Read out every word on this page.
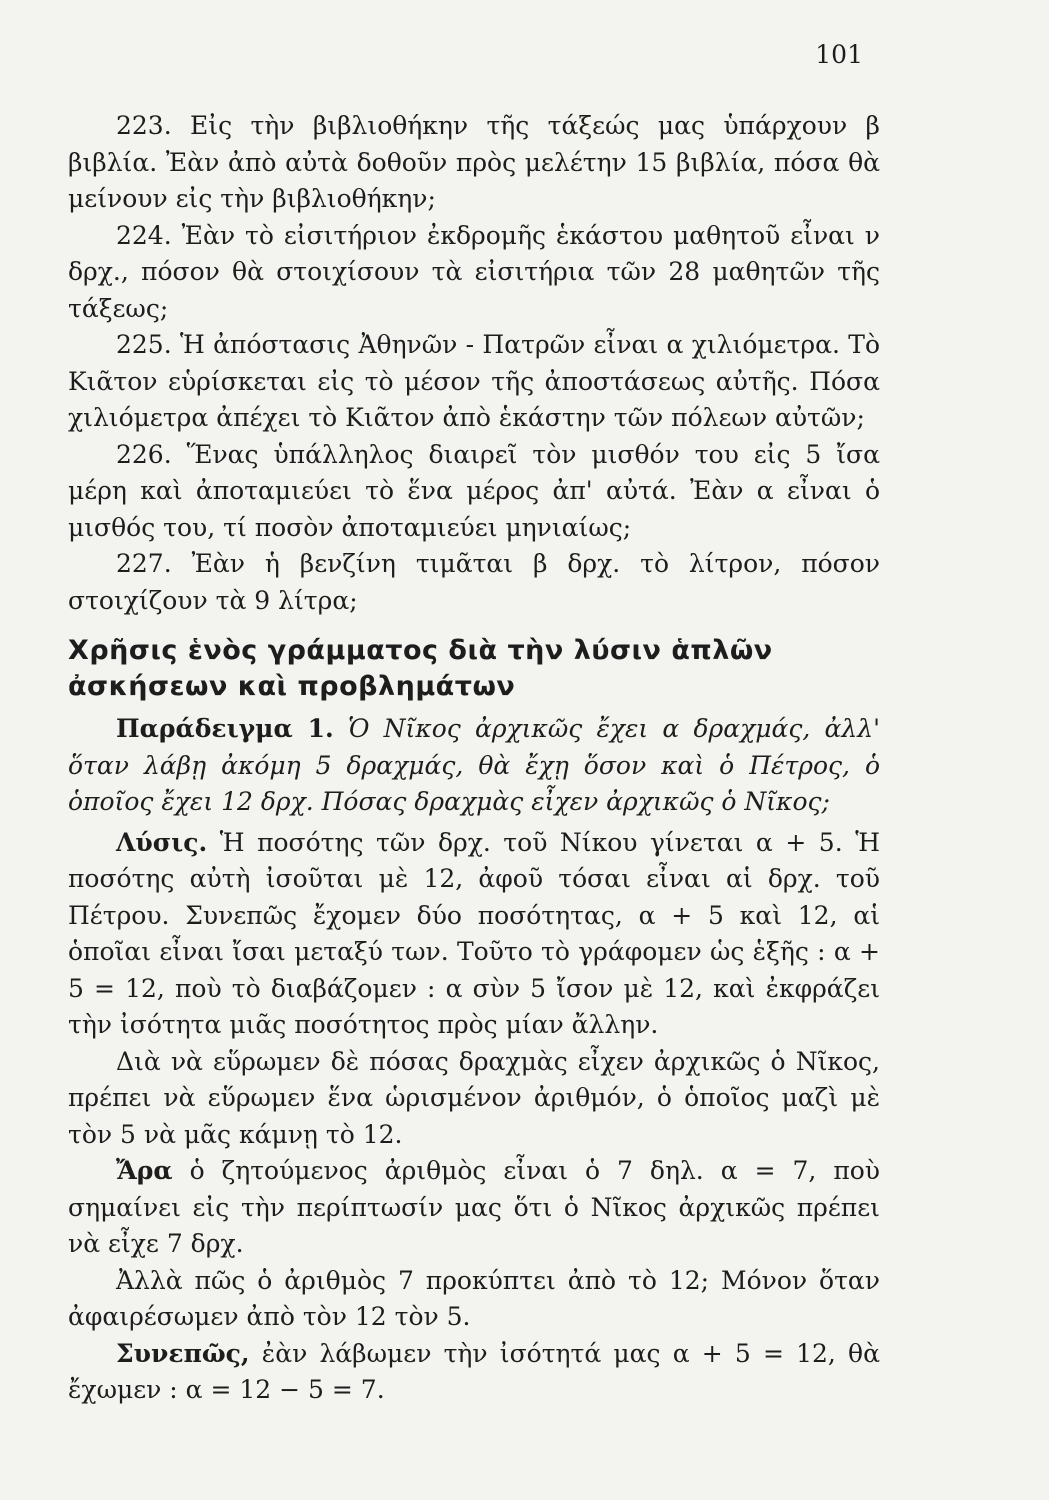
101

223. Εἰς τὴν βιβλιοθήκην τῆς τάξεώς μας ὑπάρχουν β βιβλία. Ἐὰν ἀπὸ αὐτὰ δοθοῦν πρὸς μελέτην 15 βιβλία, πόσα θὰ μείνουν εἰς τὴν βιβλιοθήκην;

224. Ἐὰν τὸ εἰσιτήριον ἐκδρομῆς ἑκάστου μαθητοῦ εἶναι ν δρχ., πόσον θὰ στοιχίσουν τὰ εἰσιτήρια τῶν 28 μαθητῶν τῆς τάξεως;

225. Ἡ ἀπόστασις Ἀθηνῶν - Πατρῶν εἶναι α χιλιόμετρα. Τὸ Κιᾶτον εὑρίσκεται εἰς τὸ μέσον τῆς ἀποστάσεως αὐτῆς. Πόσα χιλιόμετρα ἀπέχει τὸ Κιᾶτον ἀπὸ ἑκάστην τῶν πόλεων αὐτῶν;

226. Ἕνας ὑπάλληλος διαιρεῖ τὸν μισθόν του εἰς 5 ἴσα μέρη καὶ ἀποταμιεύει τὸ ἕνα μέρος ἀπ' αὐτά. Ἐὰν α εἶναι ὁ μισθός του, τί ποσὸν ἀποταμιεύει μηνιαίως;

227. Ἐὰν ἡ βενζίνη τιμᾶται β δρχ. τὸ λίτρον, πόσον στοιχίζουν τὰ 9 λίτρα;

Χρῆσις ἑνὸς γράμματος διὰ τὴν λύσιν ἁπλῶν ἀσκήσεων καὶ προβλημάτων

Παράδειγμα 1. Ὁ Νῖκος ἀρχικῶς ἔχει α δραχμάς, ἀλλ' ὅταν λάβῃ ἀκόμη 5 δραχμάς, θὰ ἔχῃ ὅσον καὶ ὁ Πέτρος, ὁ ὁποῖος ἔχει 12 δρχ. Πόσας δραχμὰς εἶχεν ἀρχικῶς ὁ Νῖκος;

Λύσις. Ἡ ποσότης τῶν δρχ. τοῦ Νίκου γίνεται α + 5. Ἡ ποσότης αὐτὴ ἰσοῦται μὲ 12, ἀφοῦ τόσαι εἶναι αἱ δρχ. τοῦ Πέτρου. Συνεπῶς ἔχομεν δύο ποσότητας, α + 5 καὶ 12, αἱ ὁποῖαι εἶναι ἴσαι μεταξύ των. Τοῦτο τὸ γράφομεν ὡς ἑξῆς : α + 5 = 12, ποὺ τὸ διαβάζομεν : α σὺν 5 ἴσον μὲ 12, καὶ ἐκφράζει τὴν ἰσότητα μιᾶς ποσότητος πρὸς μίαν ἄλλην.

Διὰ νὰ εὕρωμεν δὲ πόσας δραχμὰς εἶχεν ἀρχικῶς ὁ Νῖκος, πρέπει νὰ εὕρωμεν ἕνα ὡρισμένον ἀριθμόν, ὁ ὁποῖος μαζὶ μὲ τὸν 5 νὰ μᾶς κάμνῃ τὸ 12.

Ἄρα ὁ ζητούμενος ἀριθμὸς εἶναι ὁ 7 δηλ. α = 7, ποὺ σημαίνει εἰς τὴν περίπτωσίν μας ὅτι ὁ Νῖκος ἀρχικῶς πρέπει νὰ εἶχε 7 δρχ.

Ἀλλὰ πῶς ὁ ἀριθμὸς 7 προκύπτει ἀπὸ τὸ 12; Μόνον ὅταν ἀφαιρέσωμεν ἀπὸ τὸν 12 τὸν 5.

Συνεπῶς, ἐὰν λάβωμεν τὴν ἰσότητά μας α + 5 = 12, θὰ ἔχωμεν : α = 12 − 5 = 7.
